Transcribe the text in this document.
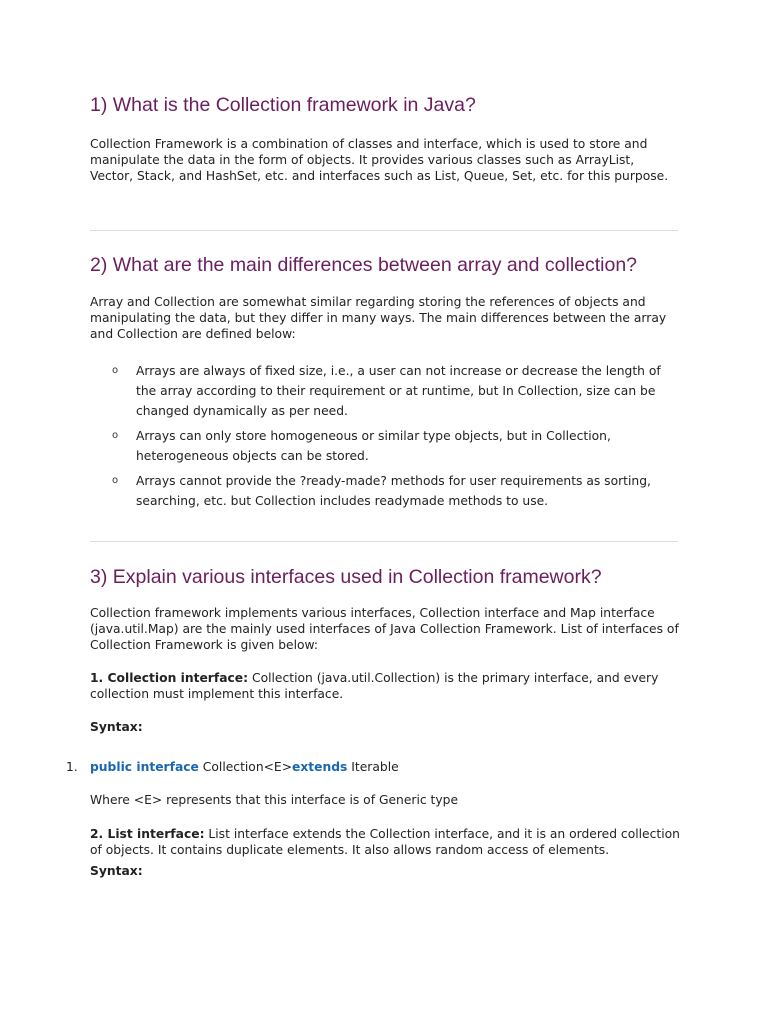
1) What is the Collection framework in Java?

Collection Framework is a combination of classes and interface, which is used to store and manipulate the data in the form of objects. It provides various classes such as ArrayList, Vector, Stack, and HashSet, etc. and interfaces such as List, Queue, Set, etc. for this purpose.

2) What are the main differences between array and collection?

Array and Collection are somewhat similar regarding storing the references of objects and manipulating the data, but they differ in many ways. The main differences between the array and Collection are defined below:

o Arrays are always of fixed size, i.e., a user can not increase or decrease the length of the array according to their requirement or at runtime, but In Collection, size can be changed dynamically as per need.
o Arrays can only store homogeneous or similar type objects, but in Collection, heterogeneous objects can be stored.
o Arrays cannot provide the ?ready-made? methods for user requirements as sorting, searching, etc. but Collection includes readymade methods to use.
3) Explain various interfaces used in Collection framework?

Collection framework implements various interfaces, Collection interface and Map interface (java.util.Map) are the mainly used interfaces of Java Collection Framework. List of interfaces of Collection Framework is given below:

1. Collection interface: Collection (java.util.Collection) is the primary interface, and every collection must implement this interface.

Syntax:
1. public interface Collection<E>extends Iterable

Where <E> represents that this interface is of Generic type

2. List interface: List interface extends the Collection interface, and it is an ordered collection of objects. It contains duplicate elements. It also allows random access of elements.

Syntax:
